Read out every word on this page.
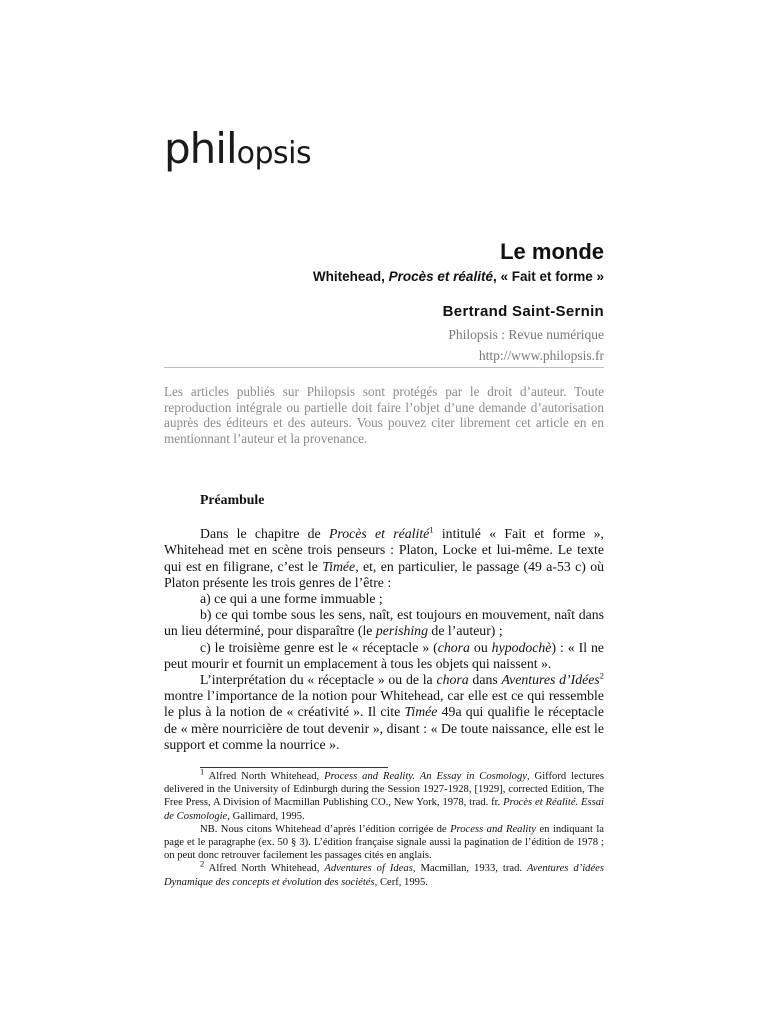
philopsis
Le monde
Whitehead, Procès et réalité, « Fait et forme »
Bertrand Saint-Sernin
Philopsis : Revue numérique
http://www.philopsis.fr
Les articles publiés sur Philopsis sont protégés par le droit d’auteur. Toute reproduction intégrale ou partielle doit faire l’objet d’une demande d’autorisation auprès des éditeurs et des auteurs. Vous pouvez citer librement cet article en en mentionnant l’auteur et la provenance.
Préambule

Dans le chapitre de Procès et réalité$^1$ intitulé « Fait et forme », Whitehead met en scène trois penseurs : Platon, Locke et lui-même. Le texte qui est en filigrane, c’est le Timée, et, en particulier, le passage (49 a-53 c) où Platon présente les trois genres de l’être :

a) ce qui a une forme immuable ;

b) ce qui tombe sous les sens, naît, est toujours en mouvement, naît dans un lieu déterminé, pour disparaître (le perishing de l’auteur) ;

c) le troisième genre est le « réceptacle » (chora ou hypodochè) : « Il ne peut mourir et fournit un emplacement à tous les objets qui naissent ».

L’interprétation du « réceptacle » ou de la chora dans Aventures d’Idées$^2$ montre l’importance de la notion pour Whitehead, car elle est ce qui ressemble le plus à la notion de « créativité ». Il cite Timée 49a qui qualifie le réceptacle de « mère nourricière de tout devenir », disant : « De toute naissance, elle est le support et comme la nourrice ».

$^1$ Alfred North Whitehead, Process and Reality. An Essay in Cosmology, Gifford lectures delivered in the University of Edinburgh during the Session 1927-1928, [1929], corrected Edition, The Free Press, A Division of Macmillan Publishing CO., New York, 1978, trad. fr. Procès et Réalité. Essai de Cosmologie, Gallimard, 1995.

NB. Nous citons Whitehead d’après l’édition corrigée de Process and Reality en indiquant la page et le paragraphe (ex. 50 § 3). L’édition française signale aussi la pagination de l’édition de 1978 ; on peut donc retrouver facilement les passages cités en anglais.

$^2$ Alfred North Whitehead, Adventures of Ideas, Macmillan, 1933, trad. Aventures d’idées Dynamique des concepts et évolution des sociétés, Cerf, 1995.
